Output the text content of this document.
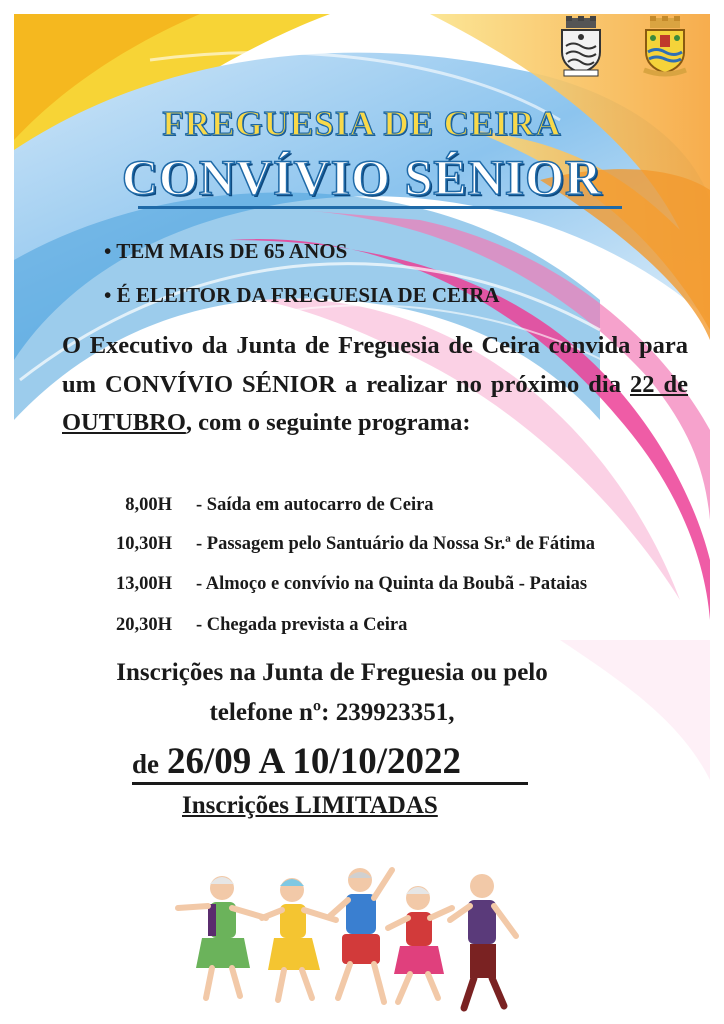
FREGUESIA DE CEIRA
CONVÍVIO SÉNIOR
• TEM MAIS DE 65 ANOS
• É ELEITOR DA FREGUESIA DE CEIRA
O Executivo da Junta de Freguesia de Ceira convida para um CONVÍVIO SÉNIOR a realizar no próximo dia 22 de OUTUBRO, com o seguinte programa:
8,00H - Saída em autocarro de Ceira
10,30H - Passagem pelo Santuário da Nossa Sr.ª de Fátima
13,00H - Almoço e convívio na Quinta da Boubã - Pataias
20,30H - Chegada prevista a Ceira
Inscrições na Junta de Freguesia ou pelo
telefone nº: 239923351,
de 26/09 A 10/10/2022
Inscrições LIMITADAS
